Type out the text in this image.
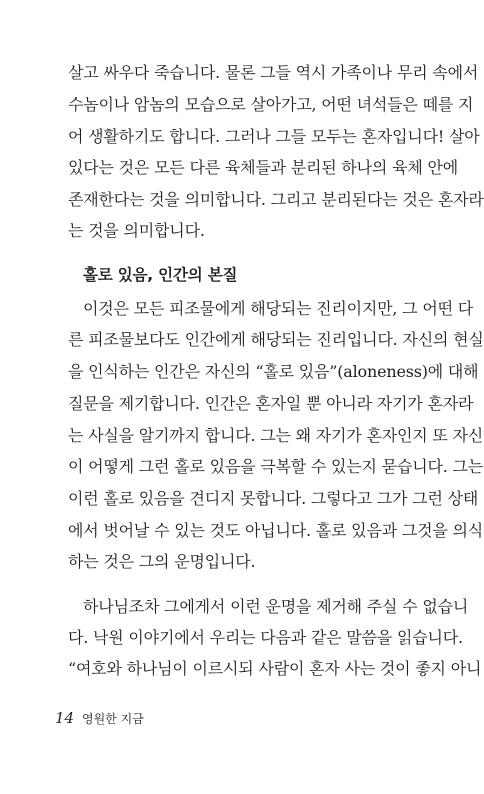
살고 싸우다 죽습니다. 물론 그들 역시 가족이나 무리 속에서
수놈이나 암놈의 모습으로 살아가고, 어떤 녀석들은 떼를 지
어 생활하기도 합니다. 그러나 그들 모두는 혼자입니다! 살아
있다는 것은 모든 다른 육체들과 분리된 하나의 육체 안에
존재한다는 것을 의미합니다. 그리고 분리된다는 것은 혼자라
는 것을 의미합니다.
홀로 있음, 인간의 본질
이것은 모든 피조물에게 해당되는 진리이지만, 그 어떤 다
른 피조물보다도 인간에게 해당되는 진리입니다. 자신의 현실
을 인식하는 인간은 자신의 “홀로 있음”(aloneness)에 대해
질문을 제기합니다. 인간은 혼자일 뿐 아니라 자기가 혼자라
는 사실을 알기까지 합니다. 그는 왜 자기가 혼자인지 또 자신
이 어떻게 그런 홀로 있음을 극복할 수 있는지 묻습니다. 그는
이런 홀로 있음을 견디지 못합니다. 그렇다고 그가 그런 상태
에서 벗어날 수 있는 것도 아닙니다. 홀로 있음과 그것을 의식
하는 것은 그의 운명입니다.
하나님조차 그에게서 이런 운명을 제거해 주실 수 없습니
다. 낙원 이야기에서 우리는 다음과 같은 말씀을 읽습니다.
“여호와 하나님이 이르시되 사람이 혼자 사는 것이 좋지 아니
14 영원한 지금
